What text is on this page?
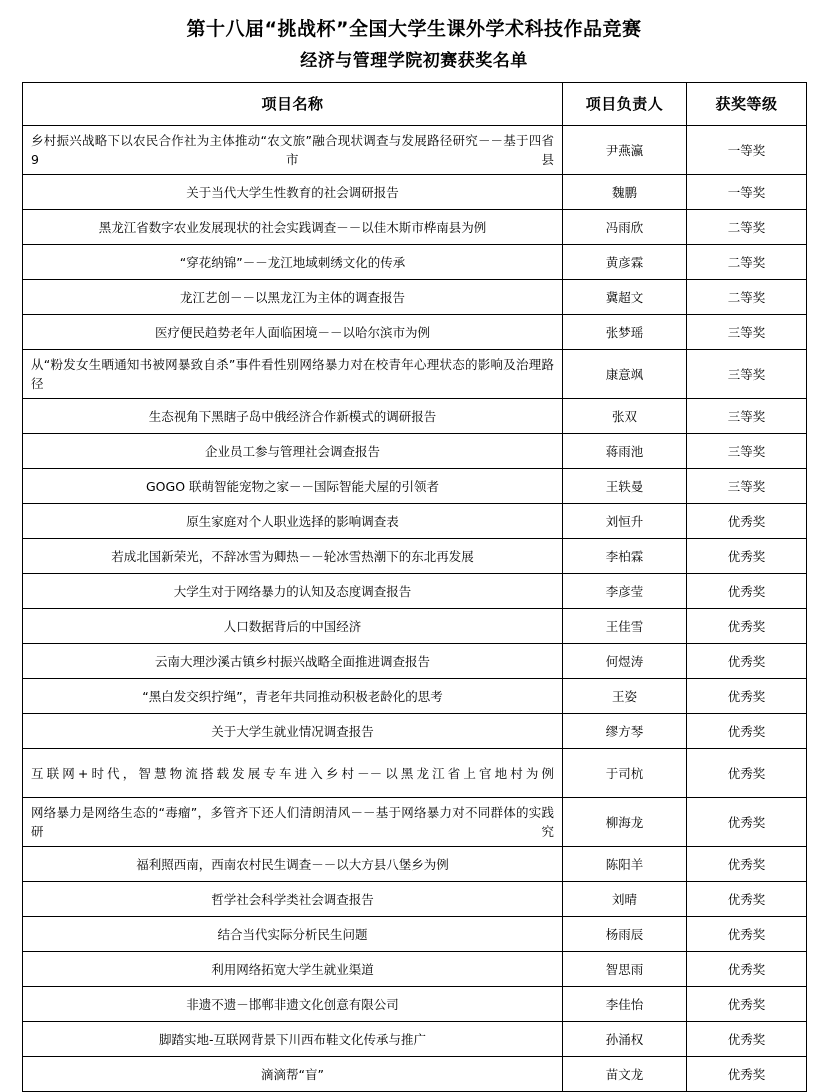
第十八届“挑战杯”全国大学生课外学术科技作品竞赛
经济与管理学院初赛获奖名单
项目名称	项目负责人	获奖等级
乡村振兴战略下以农民合作社为主体推动“农文旅”融合现状调查与发展路径研究－－基于四省 9 市县	尹燕瀛	一等奖
关于当代大学生性教育的社会调研报告	魏鹏	一等奖
黑龙江省数字农业发展现状的社会实践调查－－以佳木斯市桦南县为例	冯雨欣	二等奖
“穿花纳锦”－－龙江地域刺绣文化的传承	黄彦霖	二等奖
龙江艺创－－以黑龙江为主体的调查报告	冀超文	二等奖
医疗便民趋势老年人面临困境－－以哈尔滨市为例	张梦瑶	三等奖
从“粉发女生晒通知书被网暴致自杀”事件看性别网络暴力对在校青年心理状态的影响及治理路径	康意飒	三等奖
生态视角下黑瞎子岛中俄经济合作新模式的调研报告	张双	三等奖
企业员工参与管理社会调查报告	蒋雨池	三等奖
GOGO 联萌智能宠物之家－－国际智能犬屋的引领者	王轶曼	三等奖
原生家庭对个人职业选择的影响调查表	刘恒升	优秀奖
若成北国新荣光，不辞冰雪为卿热－－轮冰雪热潮下的东北再发展	李柏霖	优秀奖
大学生对于网络暴力的认知及态度调查报告	李彦莹	优秀奖
人口数据背后的中国经济	王佳雪	优秀奖
云南大理沙溪古镇乡村振兴战略全面推进调查报告	何煜涛	优秀奖
“黑白发交织拧绳”，青老年共同推动积极老龄化的思考	王姿	优秀奖
关于大学生就业情况调查报告	缪方琴	优秀奖
互联网+时代，智慧物流搭载发展专车进入乡村－－以黑龙江省上官地村为例	于司杭	优秀奖
网络暴力是网络生态的“毒瘤”，多管齐下还人们清朗清风－－基于网络暴力对不同群体的实践研究	柳海龙	优秀奖
福利照西南，西南农村民生调查－－以大方县八堡乡为例	陈阳羊	优秀奖
哲学社会科学类社会调查报告	刘晴	优秀奖
结合当代实际分析民生问题	杨雨辰	优秀奖
利用网络拓宽大学生就业渠道	智思雨	优秀奖
非遗不遗－邯郸非遗文化创意有限公司	李佳怡	优秀奖
脚踏实地-互联网背景下川西布鞋文化传承与推广	孙涌权	优秀奖
滴滴帮“盲”	苗文龙	优秀奖
